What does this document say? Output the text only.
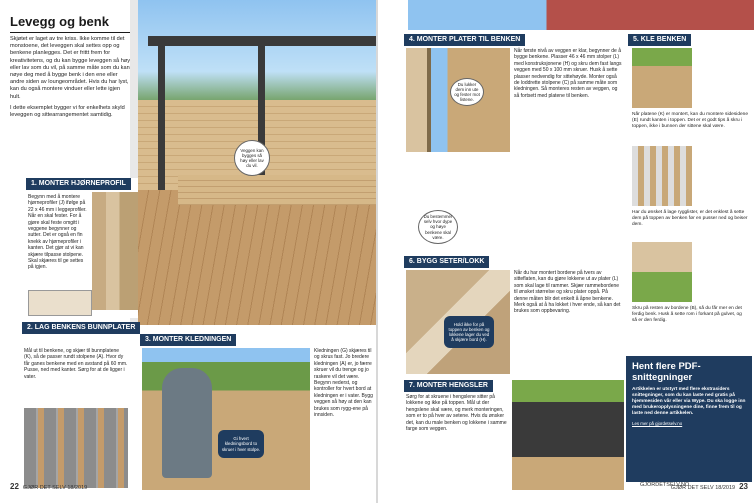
Levegg og benk

Skjøtet er laget av tre kriss. Ikke komme til det monstoene, det leveggen skal settes opp og benkene planlegges. Det er frittt frem for kreativitetens, og du kan bygge leveggen så høy eller lav som du vil, på samme måte som du kan nøye deg med å bygge benk i den ene eller andre siden av loungeområdet. Hvis du har lyst, kan du også montere vinduer eller lette igjen hult.

I dette eksemplet bygger vi for enkelhets skyld leveggen og sittearrangementet samtidig.

Veggen kan bygges så høy eller lav du vil.
1. MONTER HJØRNEPROFIL
Begynn med å montere hjørneprofiler (J) ifølge på 22 x 46 mm i leggeprofiler. Når en skal fester. For å gjøre skal feste omgitt i veggene begynner og sutter. Det er også en fin knekk av hjørneprofiler i kanten. Det gjør at vi kan skjære tilpasse stolpene. Skal skjæres til ge settes på igjen.
2. LAG BENKENS BUNNPLATER
Mål ut til benkene, og skjær til bunnplatene (K), så de passer rundt stolpene (A). Hvor dy får ganes benkene med en avstand på 60 mm. Pusse, ned med kanter. Sørg for at de ligger i vater.
3. MONTER KLEDNINGEN
Gi hvert kledningsbord to skruer i hver stolpe.
Kledningen (G) skjæres til og skrus fast. Jo bredere kledningen (A) er, jo færre skruer vil du trenge og jo raskere vil det være. Begynn nederst, og kontroller for hvert bord at kledningen er i vater. Bygg veggen så høy at den kan brukes som rygg-ene på innsiden.
22 GJØR DET SELV 18/2019
Du bestemmer selv hvor dype og høye benkene skal være.
4. MONTER PLATER TIL BENKEN
Du lukker dem inn ute og fester mot listene.
Når første nivå av veggen er klar, begynner de å bygge benkene. Plasser 46 x 46 mm stolper (L) med konstruksjonene (H) og skru dem fast langs veggen med 50 x 100 mm skruer. Husk å sette plasser nedvendig for sittehøyde. Monter også de loddrette stolpene (C) på samme måte som kledningen. Så monteres resten av veggen, og så fortsett med platene til benken.
5. KLE BENKEN
Når platene (K) er montert, kan du montere sidesidene (E) rundt kanten i toppen. Det er et godt tips å skru i toppen, ikke i bunnen der sittene skal være.
Har du ønsket å lage rygglister, er det enklest å sette dem på toppen av benken før en pusser ned og beiser dem.
Skru på resten av bordene (B), så du får mer en det ferdig benk. Husk å sette rom i forkant på gulvet, og så er den ferdig.
6. BYGG SETER/LOKK
Hold ikke for på toppen av benken og lokkene lager du ved å skjære bord (H).
Når du har montert bordene på tvers av sitteflaten, kan du gjøre lokkene ut av plater (L) som skal lage til rammer. Skjær rammebordene til ønsket størrelse og skru plater oppå. På denne måten blir det enkelt å åpne benkene. Merk også at å ha lokket i hver ende, så kan det brukes som oppbevaring.
7. MONTER HENGSLER
Sørg for at skruene i hengslene sitter på lokkene og ikke på toppen. Mål ut der hengslene skal være, og merk monteringen, som er to på hver av setene. Hvis du ønsker det, kan du male benken og lokkene i samme farge som veggen.
Hent flere PDF-snittegninger
Artikkelen er utstyrt med flere ekstrasiders snittegninger, som du kan laste ned gratis på hjemmesiden vår eller via Wype. Du ska logge inn med brukeropplysningene dine, finne frem til og laste ned denne artikkelen.
Les mer på gjordetselv.no
GJORDETSELV.NO
GJØR DET SELV 18/2019 23
